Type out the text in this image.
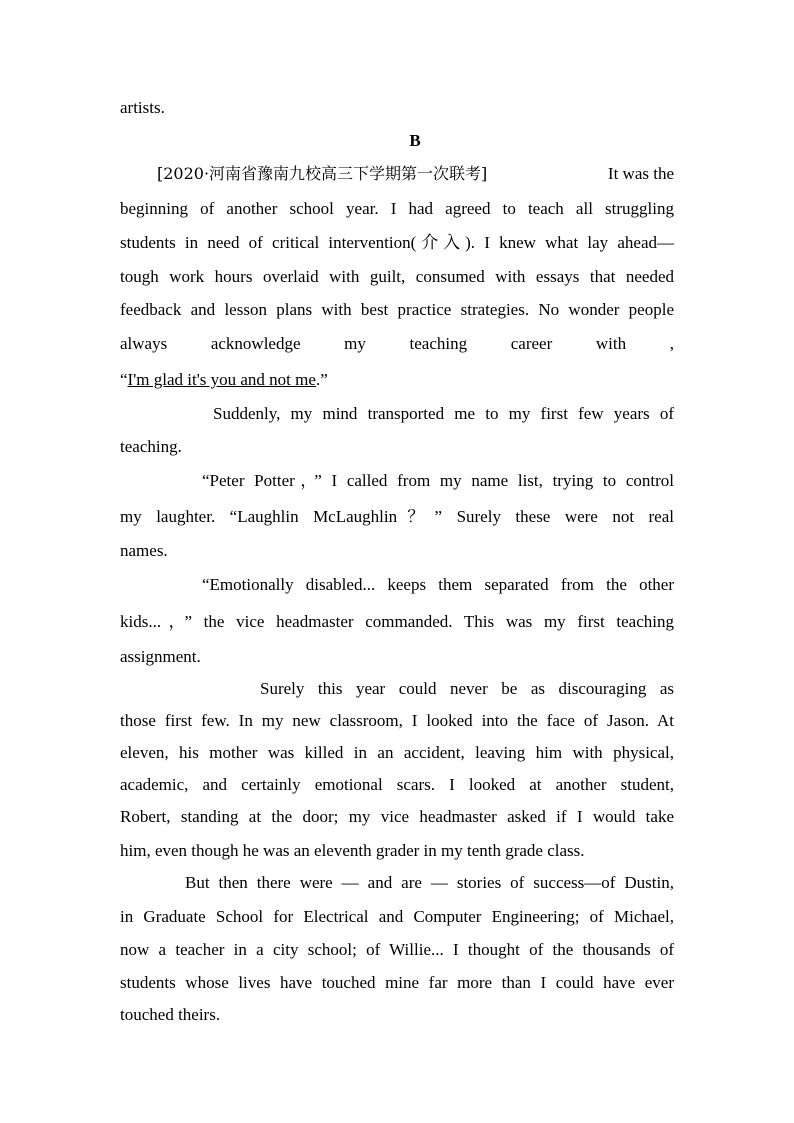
artists.
B
[2020·河南省豫南九校高三下学期第一次联考]	It was the
beginning of another school year. I had agreed to teach all struggling
students in need of critical intervention(介入). I knew what lay ahead—
tough work hours overlaid with guilt, consumed with essays that needed
feedback and lesson plans with best practice strategies. No wonder people
always acknowledge my teaching career with ,
“I'm glad it's you and not me.”
Suddenly, my mind transported me to my first few years of
teaching.
“Peter Potter，” I called from my name list, trying to control
my laughter. “Laughlin McLaughlin？” Surely these were not real
names.
“Emotionally disabled... keeps them separated from the other
kids...，” the vice headmaster commanded. This was my first teaching
assignment.
Surely this year could never be as discouraging as
those first few. In my new classroom, I looked into the face of Jason. At
eleven, his mother was killed in an accident, leaving him with physical,
academic, and certainly emotional scars. I looked at another student,
Robert, standing at the door; my vice headmaster asked if I would take
him, even though he was an eleventh grader in my tenth grade class.
But then there were — and are — stories of success—of Dustin,
in Graduate School for Electrical and Computer Engineering; of Michael,
now a teacher in a city school; of Willie... I thought of the thousands of
students whose lives have touched mine far more than I could have ever
touched theirs.
